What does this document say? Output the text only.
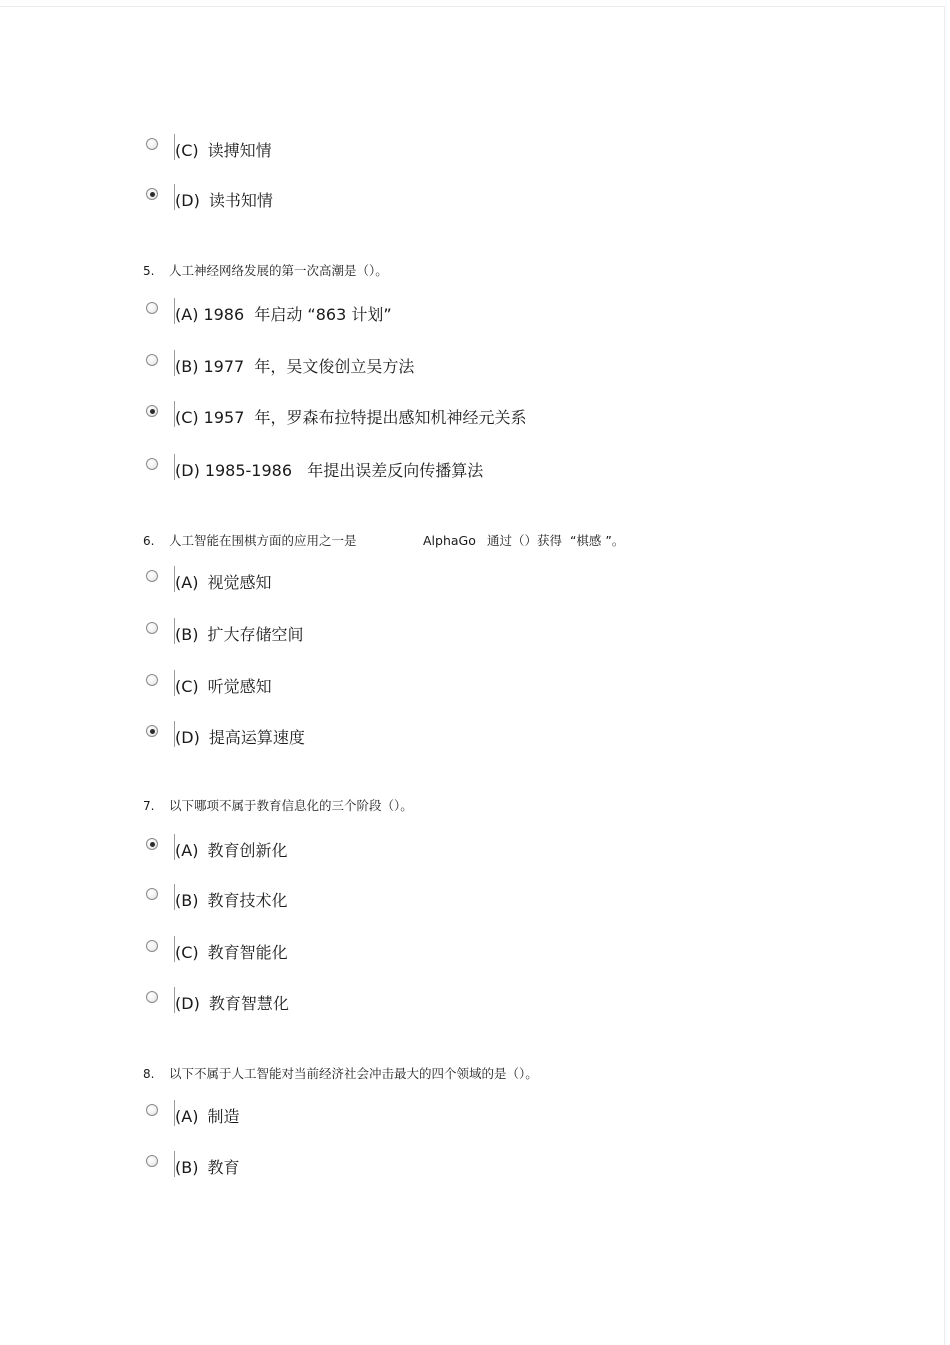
(C) 读搏知情
(D) 读书知情
5. 人工神经网络发展的第一次高潮是（）。
(A) 1986  年启动 “863 计划”
(B) 1977  年，吴文俊创立吴方法
(C) 1957  年，罗森布拉特提出感知机神经元关系
(D) 1985-1986   年提出误差反向传播算法
6. 人工智能在围棋方面的应用之一是	AlphaGo 通过（）获得  “棋感 ”。
(A) 视觉感知
(B) 扩大存储空间
(C) 听觉感知
(D) 提高运算速度
7. 以下哪项不属于教育信息化的三个阶段（）。
(A) 教育创新化
(B) 教育技术化
(C) 教育智能化
(D) 教育智慧化
8. 以下不属于人工智能对当前经济社会冲击最大的四个领域的是（）。
(A) 制造
(B) 教育
